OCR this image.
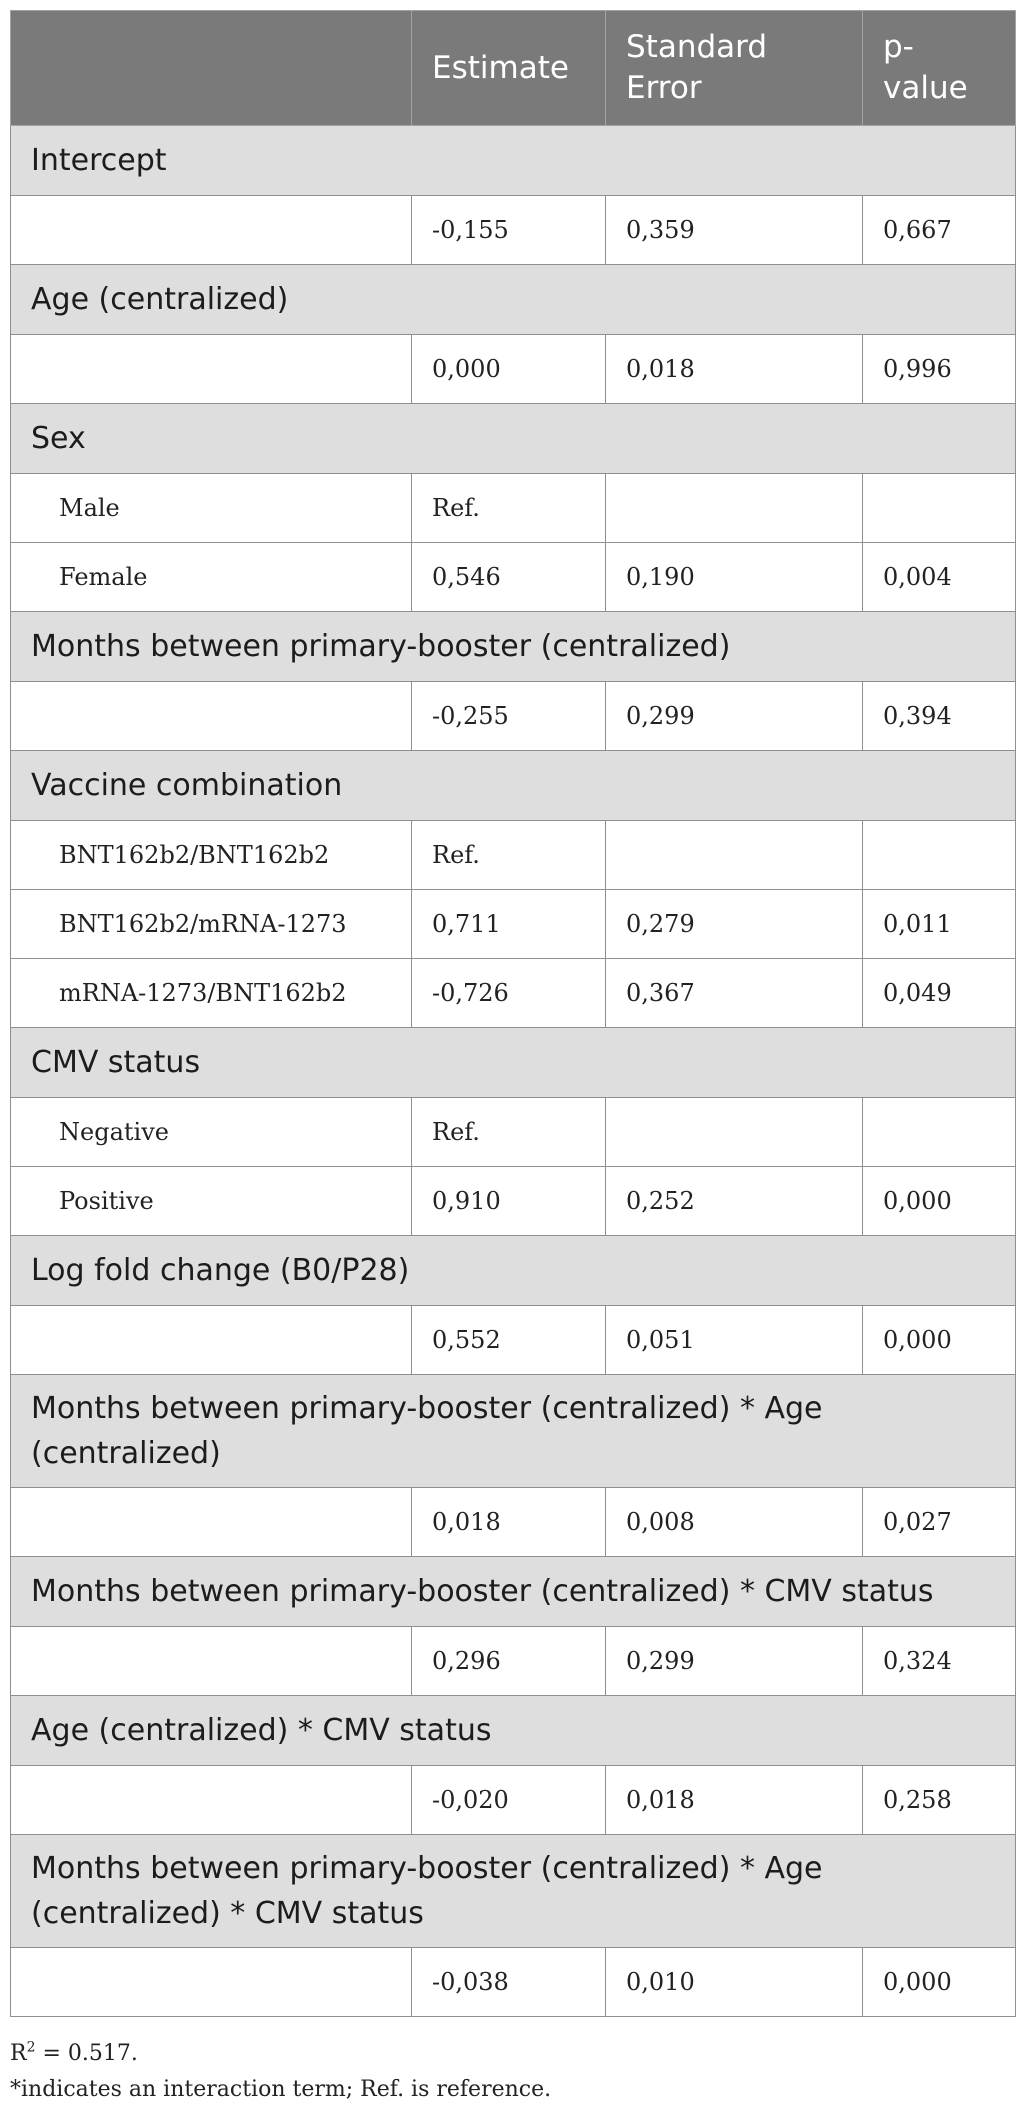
	Estimate	Standard Error	p-value
Intercept			
	-0,155	0,359	0,667
Age (centralized)			
	0,000	0,018	0,996
Sex			
Male	Ref.		
Female	0,546	0,190	0,004
Months between primary-booster (centralized)			
	-0,255	0,299	0,394
Vaccine combination			
BNT162b2/BNT162b2	Ref.		
BNT162b2/mRNA-1273	0,711	0,279	0,011
mRNA-1273/BNT162b2	-0,726	0,367	0,049
CMV status			
Negative	Ref.		
Positive	0,910	0,252	0,000
Log fold change (B0/P28)			
	0,552	0,051	0,000
Months between primary-booster (centralized) * Age (centralized)			
	0,018	0,008	0,027
Months between primary-booster (centralized) * CMV status			
	0,296	0,299	0,324
Age (centralized) * CMV status			
	-0,020	0,018	0,258
Months between primary-booster (centralized) * Age (centralized) * CMV status			
	-0,038	0,010	0,000
$R^2 = 0.517$.
*indicates an interaction term; Ref. is reference.
